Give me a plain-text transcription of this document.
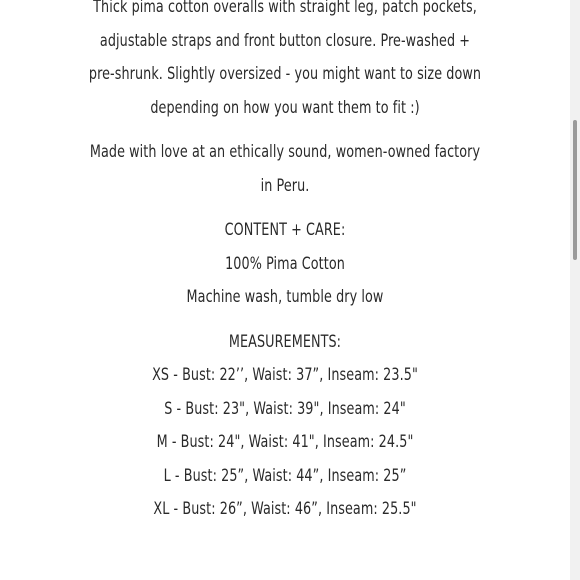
Thick pima cotton overalls with straight leg, patch pockets,
adjustable straps and front button closure. Pre-washed +
pre-shrunk. Slightly oversized - you might want to size down
depending on how you want them to fit :)
Made with love at an ethically sound, women-owned factory
in Peru.
CONTENT + CARE:
100% Pima Cotton
Machine wash, tumble dry low
MEASUREMENTS:
XS - Bust: 22’’, Waist: 37”, Inseam: 23.5"
S - Bust: 23", Waist: 39", Inseam: 24"
M - Bust: 24", Waist: 41", Inseam: 24.5"
L - Bust: 25”, Waist: 44”, Inseam: 25”
XL - Bust: 26”, Waist: 46”, Inseam: 25.5"
